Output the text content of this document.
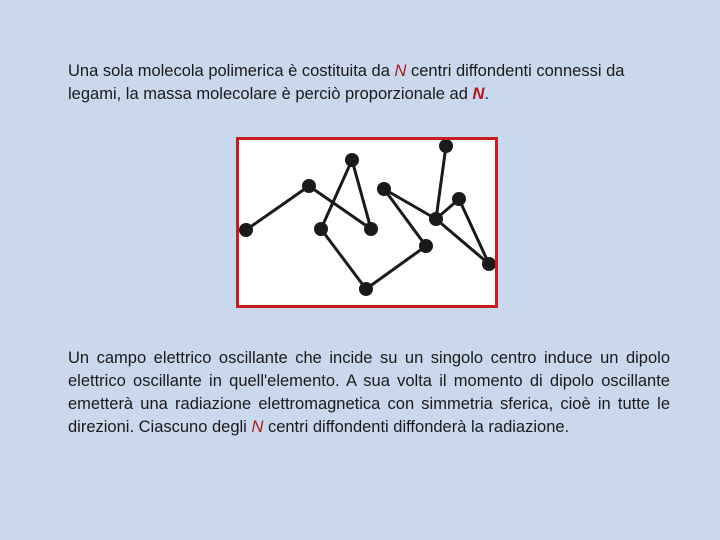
Una sola molecola polimerica è costituita da N centri diffondenti connessi da legami, la massa molecolare è perciò proporzionale ad N.

Un campo elettrico oscillante che incide su un singolo centro induce un dipolo elettrico oscillante in quell'elemento. A sua volta il momento di dipolo oscillante emetterà una radiazione elettromagnetica con simmetria sferica, cioè in tutte le direzioni. Ciascuno degli N centri diffondenti diffonderà la radiazione.
